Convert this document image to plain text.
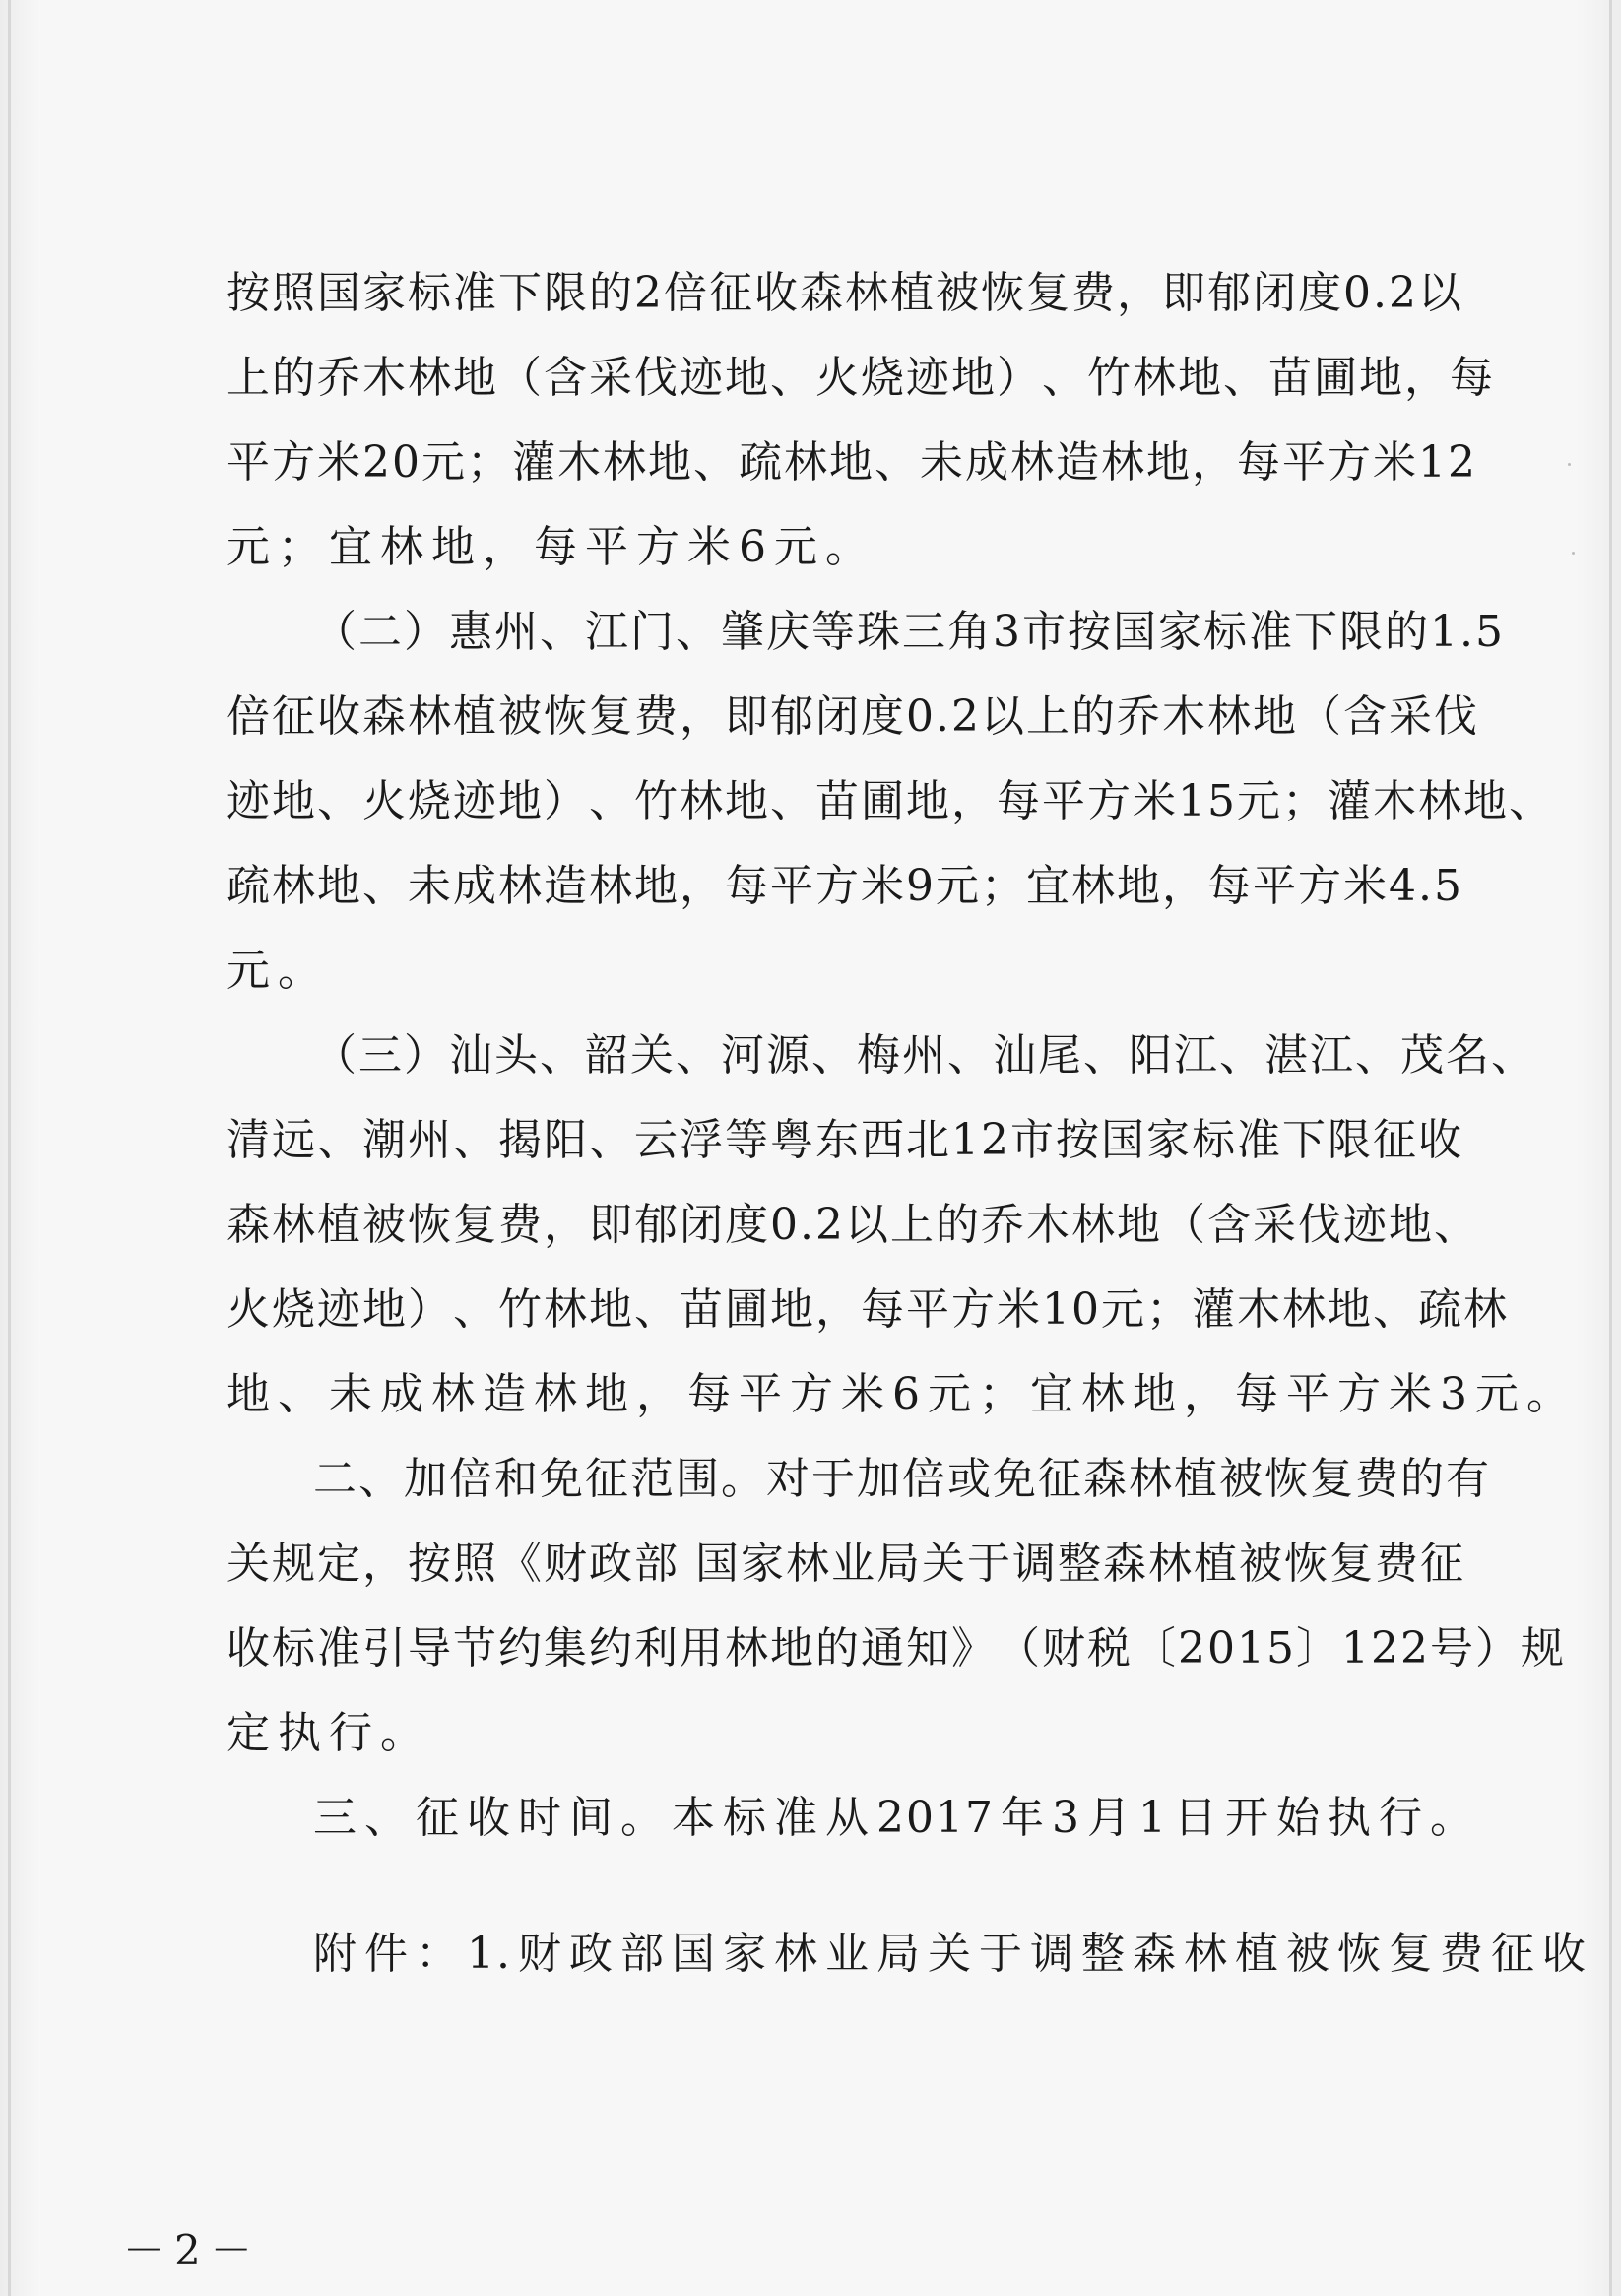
按 照 国 家 标 准 下 限 的 2 倍 征 收 森 林 植 被 恢 复 费 ， 即 郁 闭 度 0.2 以
上 的 乔 木 林 地 （ 含 采 伐 迹 地 、 火 烧 迹 地 ） 、 竹 林 地 、 苗 圃 地 ， 每
平 方 米 20 元 ； 灌 木 林 地 、 疏 林 地 、 未 成 林 造 林 地 ， 每 平 方 米 12
元 ； 宜 林 地 ， 每 平 方 米 6 元 。
（ 二 ） 惠 州 、 江 门 、 肇 庆 等 珠 三 角 3 市 按 国 家 标 准 下 限 的 1.5
倍 征 收 森 林 植 被 恢 复 费 ， 即 郁 闭 度 0.2 以 上 的 乔 木 林 地 （ 含 采 伐
迹 地 、 火 烧 迹 地 ） 、 竹 林 地 、 苗 圃 地 ， 每 平 方 米 15 元 ； 灌 木 林 地 、
疏 林 地 、 未 成 林 造 林 地 ， 每 平 方 米 9 元 ； 宜 林 地 ， 每 平 方 米 4.5
元 。
（ 三 ） 汕 头 、 韶 关 、 河 源 、 梅 州 、 汕 尾 、 阳 江 、 湛 江 、 茂 名 、
清 远 、 潮 州 、 揭 阳 、 云 浮 等 粤 东 西 北 12 市 按 国 家 标 准 下 限 征 收
森 林 植 被 恢 复 费 ， 即 郁 闭 度 0.2 以 上 的 乔 木 林 地 （ 含 采 伐 迹 地 、
火 烧 迹 地 ） 、 竹 林 地 、 苗 圃 地 ， 每 平 方 米 10 元 ； 灌 木 林 地 、 疏 林
地 、 未 成 林 造 林 地 ， 每 平 方 米 6 元 ； 宜 林 地 ， 每 平 方 米 3 元 。
二 、 加 倍 和 免 征 范 围 。 对 于 加 倍 或 免 征 森 林 植 被 恢 复 费 的 有
关 规 定 ， 按 照 《 财 政 部
国 家 林 业 局 关 于 调 整 森 林 植 被 恢 复 费 征
收 标 准 引 导 节 约 集 约 利 用 林 地 的 通 知 》 （ 财 税 〔 2015 〕 122 号 ） 规
定 执 行 。
三 、 征 收 时 间 。 本 标 准 从 2017 年 3 月 1 日 开 始 执 行 。
附 件 ： 1. 财 政 部 国 家 林 业 局 关 于 调 整 森 林 植 被 恢 复 费 征 收
－2－
